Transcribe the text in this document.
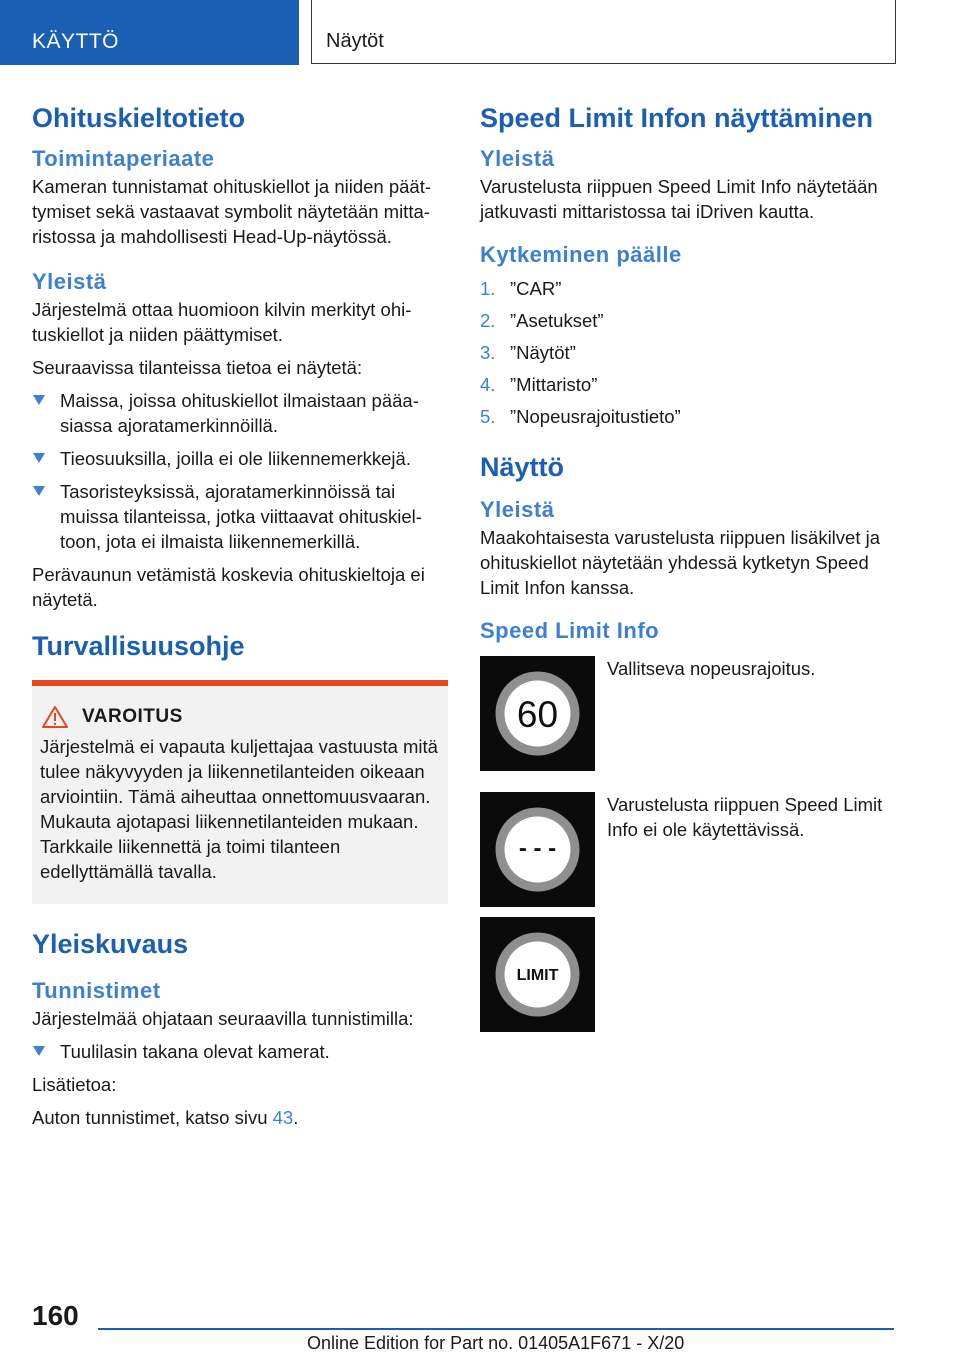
KÄYTTÖ	Näytöt
Ohituskieltotieto
Toimintaperiaate

Kameran tunnistamat ohituskiellot ja niiden päättymiset sekä vastaavat symbolit näytetään mittaristossa ja mahdollisesti Head-Up-näytössä.

Yleistä

Järjestelmä ottaa huomioon kilvin merkityt ohituskiellot ja niiden päättymiset.

Seuraavissa tilanteissa tietoa ei näytetä:

Maissa, joissa ohituskiellot ilmaistaan pääasiassa ajoratamerkinnöillä.
Tieosuuksilla, joilla ei ole liikennemerkkejä.
Tasoristeyksissä, ajoratamerkinnöissä tai muissa tilanteissa, jotka viittaavat ohituskieltoon, jota ei ilmaista liikennemerkillä.

Perävaunun vetämistä koskevia ohituskieltoja ei näytetä.

Turvallisuusohje
VAROITUS

Järjestelmä ei vapauta kuljettajaa vastuusta mitä tulee näkyvyyden ja liikennetilanteiden oikeaan arviointiin. Tämä aiheuttaa onnettomuusvaaran. Mukauta ajotapasi liikennetilanteiden mukaan. Tarkkaile liikennettä ja toimi tilanteen edellyttämällä tavalla.

Yleiskuvaus
Tunnistimet

Järjestelmää ohjataan seuraavilla tunnistimilla:

Tuulilasin takana olevat kamerat.

Lisätietoa:

Auton tunnistimet, katso sivu 43.

Speed Limit Infon näyttäminen
Yleistä

Varustelusta riippuen Speed Limit Info näytetään jatkuvasti mittaristossa tai iDriven kautta.

Kytkeminen päälle
1. ”CAR”
2. ”Asetukset”
3. ”Näytöt”
4. ”Mittaristo”
5. ”Nopeusrajoitustieto”
Näyttö
Yleistä

Maakohtaisesta varustelusta riippuen lisäkilvet ja ohituskiellot näytetään yhdessä kytketyn Speed Limit Infon kanssa.

Speed Limit Info
60

Vallitseva nopeusrajoitus.

- - -

Varustelusta riippuen Speed Limit Info ei ole käytettävissä.

LIMIT
160
Online Edition for Part no. 01405A1F671 - X/20
